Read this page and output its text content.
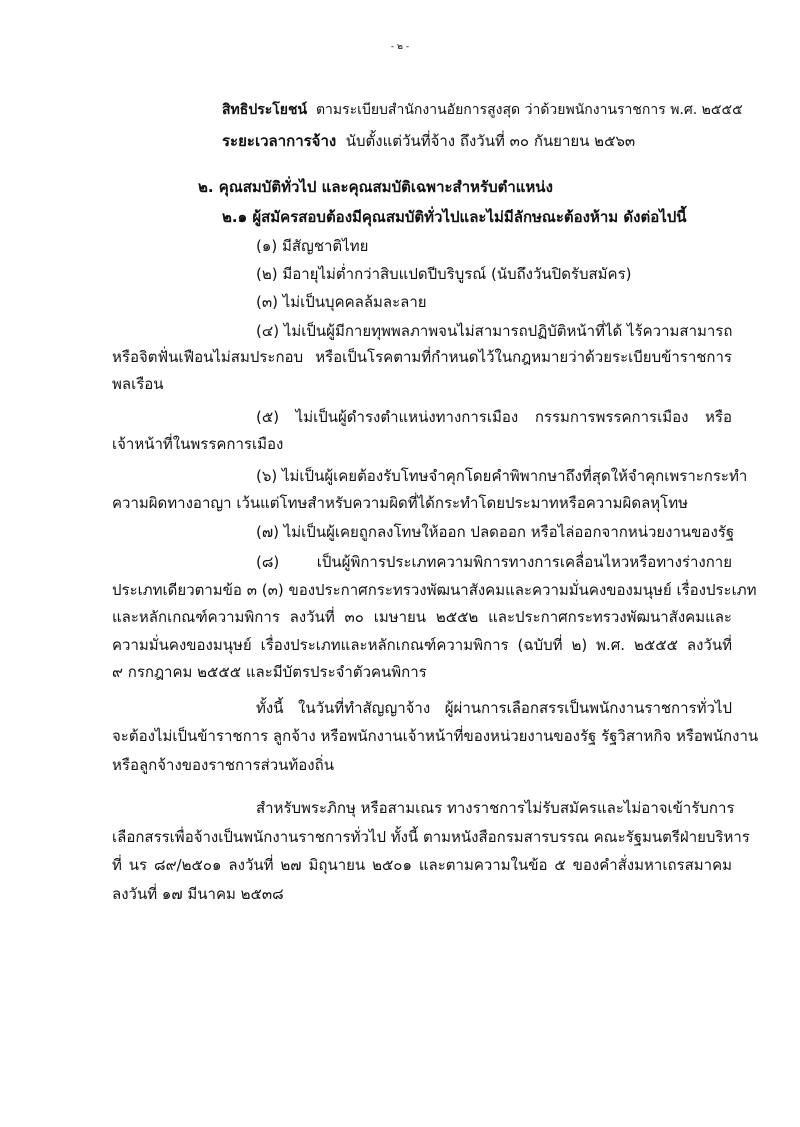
- ๒ -
สิทธิประโยชน์ ตามระเบียบสำนักงานอัยการสูงสุด ว่าด้วยพนักงานราชการ พ.ศ. ๒๕๕๕
ระยะเวลาการจ้าง นับตั้งแต่วันที่จ้าง ถึงวันที่ ๓๐ กันยายน ๒๕๖๓
๒. คุณสมบัติทั่วไป และคุณสมบัติเฉพาะสำหรับตำแหน่ง
๒.๑ ผู้สมัครสอบต้องมีคุณสมบัติทั่วไปและไม่มีลักษณะต้องห้าม ดังต่อไปนี้
(๑) มีสัญชาติไทย
(๒) มีอายุไม่ต่ำกว่าสิบแปดปีบริบูรณ์ (นับถึงวันปิดรับสมัคร)
(๓) ไม่เป็นบุคคลล้มละลาย
(๔) ไม่เป็นผู้มีกายทุพพลภาพจนไม่สามารถปฏิบัติหน้าที่ได้ ไร้ความสามารถ
หรือจิตฟั่นเฟือนไม่สมประกอบ หรือเป็นโรคตามที่กำหนดไว้ในกฎหมายว่าด้วยระเบียบข้าราชการ
พลเรือน
(๕) ไม่เป็นผู้ดำรงตำแหน่งทางการเมือง กรรมการพรรคการเมือง หรือ
เจ้าหน้าที่ในพรรคการเมือง
(๖) ไม่เป็นผู้เคยต้องรับโทษจำคุกโดยคำพิพากษาถึงที่สุดให้จำคุกเพราะกระทำ
ความผิดทางอาญา เว้นแต่โทษสำหรับความผิดที่ได้กระทำโดยประมาทหรือความผิดลหุโทษ
(๗) ไม่เป็นผู้เคยถูกลงโทษให้ออก ปลดออก หรือไล่ออกจากหน่วยงานของรัฐ
(๘) เป็นผู้พิการประเภทความพิการทางการเคลื่อนไหวหรือทางร่างกาย
ประเภทเดียวตามข้อ ๓ (๓) ของประกาศกระทรวงพัฒนาสังคมและความมั่นคงของมนุษย์ เรื่องประเภท
และหลักเกณฑ์ความพิการ ลงวันที่ ๓๐ เมษายน ๒๕๕๒ และประกาศกระทรวงพัฒนาสังคมและ
ความมั่นคงของมนุษย์ เรื่องประเภทและหลักเกณฑ์ความพิการ (ฉบับที่ ๒) พ.ศ. ๒๕๕๕ ลงวันที่
๙ กรกฎาคม ๒๕๕๕ และมีบัตรประจำตัวคนพิการ
ทั้งนี้ ในวันที่ทำสัญญาจ้าง ผู้ผ่านการเลือกสรรเป็นพนักงานราชการทั่วไป
จะต้องไม่เป็นข้าราชการ ลูกจ้าง หรือพนักงานเจ้าหน้าที่ของหน่วยงานของรัฐ รัฐวิสาหกิจ หรือพนักงาน
หรือลูกจ้างของราชการส่วนท้องถิ่น
สำหรับพระภิกษุ หรือสามเณร ทางราชการไม่รับสมัครและไม่อาจเข้ารับการ
เลือกสรรเพื่อจ้างเป็นพนักงานราชการทั่วไป ทั้งนี้ ตามหนังสือกรมสารบรรณ คณะรัฐมนตรีฝ่ายบริหาร
ที่ นร ๘๙/๒๕๐๑ ลงวันที่ ๒๗ มิถุนายน ๒๕๐๑ และตามความในข้อ ๕ ของคำสั่งมหาเถรสมาคม
ลงวันที่ ๑๗ มีนาคม ๒๕๓๘
